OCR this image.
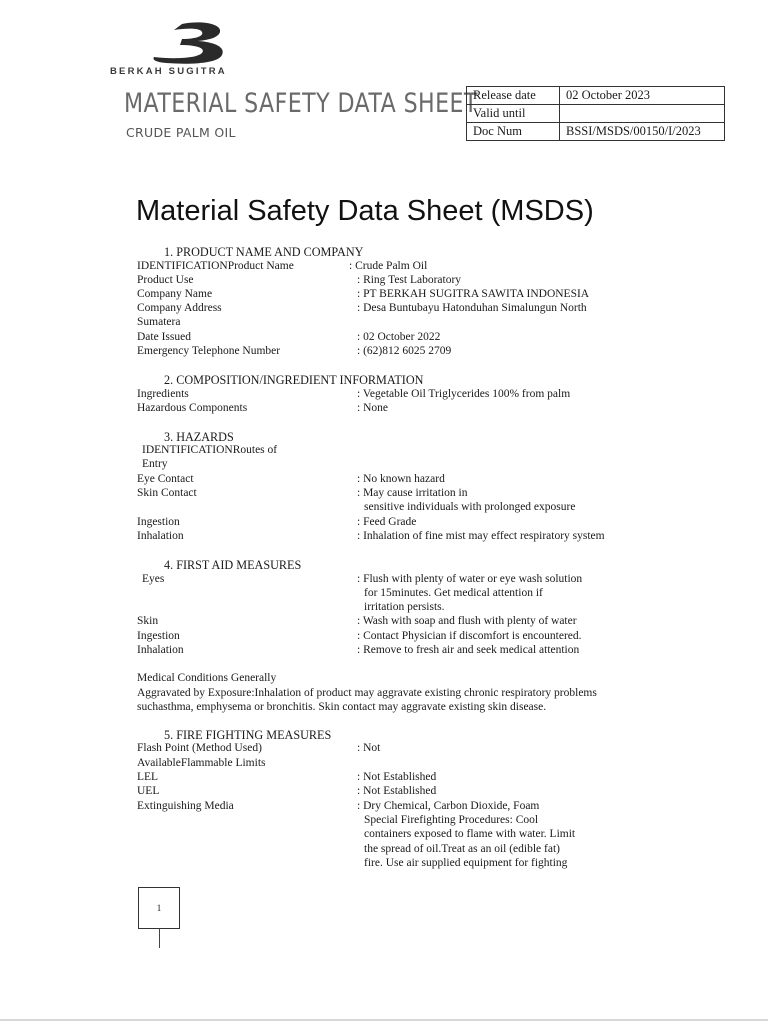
BERKAH SUGITRA
MATERIAL SAFETY DATA SHEET
CRUDE PALM OIL
Release date	02 October 2023
Valid until	
Doc Num	BSSI/MSDS/00150/I/2023
Material Safety Data Sheet (MSDS)
1. PRODUCT NAME AND COMPANY
IDENTIFICATIONProduct Name	: Crude Palm Oil
Product Use	: Ring Test Laboratory
Company Name	: PT BERKAH SUGITRA SAWITA INDONESIA
Company Address	: Desa Buntubayu Hatonduhan Simalungun North
Sumatera
Date Issued	: 02 October 2022
Emergency Telephone Number	: (62)812 6025 2709
2. COMPOSITION/INGREDIENT INFORMATION
Ingredients	: Vegetable Oil Triglycerides 100% from palm
Hazardous Components	: None
3. HAZARDS
IDENTIFICATIONRoutes of
Entry
Eye Contact	: No known hazard
Skin Contact	: May cause irritation in
sensitive individuals with prolonged exposure
Ingestion	: Feed Grade
Inhalation	: Inhalation of fine mist may effect respiratory system
4. FIRST AID MEASURES
Eyes	: Flush with plenty of water or eye wash solution
for 15minutes. Get medical attention if
irritation persists.
Skin	: Wash with soap and flush with plenty of water
Ingestion	: Contact Physician if discomfort is encountered.
Inhalation	: Remove to fresh air and seek medical attention
Medical Conditions Generally
Aggravated by Exposure:Inhalation of product may aggravate existing chronic respiratory problems
suchasthma, emphysema or bronchitis. Skin contact may aggravate existing skin disease.
5. FIRE FIGHTING MEASURES
Flash Point (Method Used)	: Not
AvailableFlammable Limits
LEL	: Not Established
UEL	: Not Established
Extinguishing Media	: Dry Chemical, Carbon Dioxide, Foam
Special Firefighting Procedures: Cool
containers exposed to flame with water. Limit
the spread of oil.Treat as an oil (edible fat)
fire. Use air supplied equipment for fighting
1
